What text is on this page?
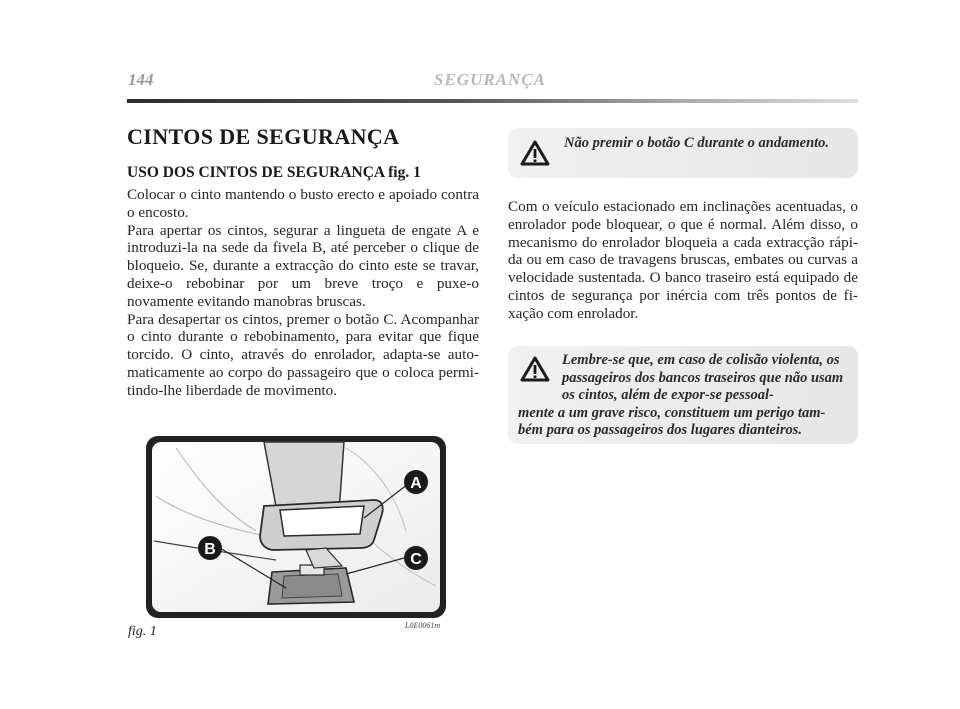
144	SEGURANÇA
CINTOS DE SEGURANÇA
USO DOS CINTOS DE SEGURANÇA fig. 1

Colocar o cinto mantendo o busto erecto e apoiado contra o encosto.

Para apertar os cintos, segurar a lingueta de engate A e introduzi-la na sede da fivela B, até perceber o clique de bloqueio. Se, durante a extracção do cinto este se travar, deixe-o rebobinar por um breve troço e puxe-o novamente evitando manobras bruscas.

Para desapertar os cintos, premer o botão C. Acompanhar o cinto durante o rebobinamento, para evitar que fique torcido. O cinto, através do enrolador, adapta-se auto-maticamente ao corpo do passageiro que o coloca permi-tindo-lhe liberdade de movimento.

Não premir o botão C durante o andamento.

Com o veículo estacionado em inclinações acentuadas, o enrolador pode bloquear, o que é normal. Além disso, o mecanismo do enrolador bloqueia a cada extracção rápi-da ou em caso de travagens bruscas, embates ou curvas a velocidade sustentada. O banco traseiro está equipado de cintos de segurança por inércia com três pontos de fi-xação com enrolador.

Lembre-se que, em caso de colisão violenta, os passageiros dos bancos traseiros que não usam os cintos, além de expor-se pessoal-
mente a um grave risco, constituem um perigo tam-bém para os passageiros dos lugares dianteiros.
A
B
C
L0E0061m
fig. 1
